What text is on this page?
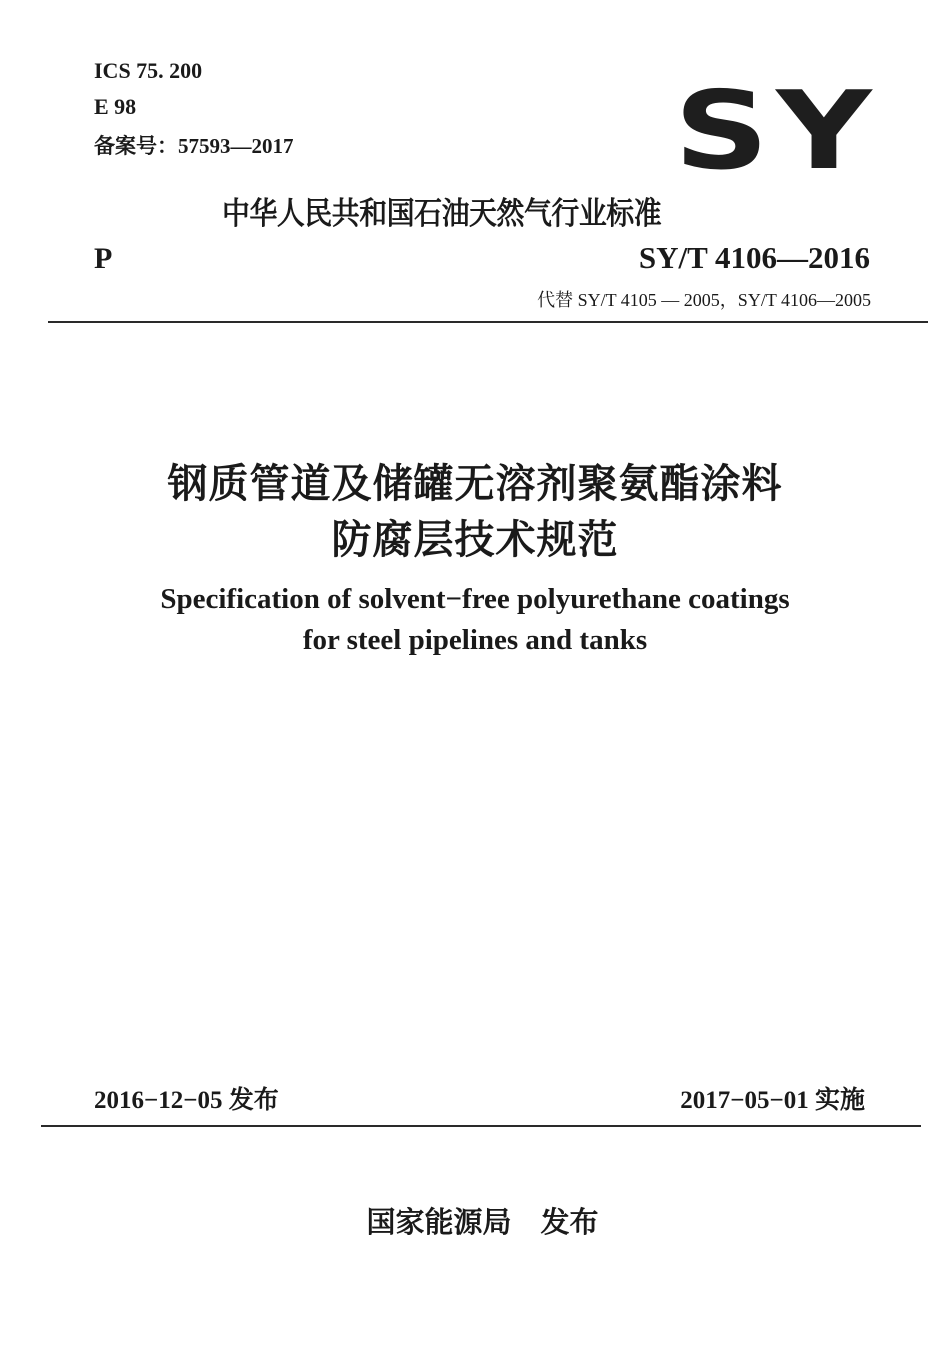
ICS 75. 200
E 98
备案号：57593—2017	SY
中华人民共和国石油天然气行业标准
P	SY/T 4106—2016
代替 SY/T 4105 — 2005，SY/T 4106—2005
钢质管道及储罐无溶剂聚氨酯涂料
防腐层技术规范
Specification of solvent−free polyurethane coatings
for steel pipelines and tanks
2016−12−05 发布	2017−05−01 实施
国家能源局　发布
